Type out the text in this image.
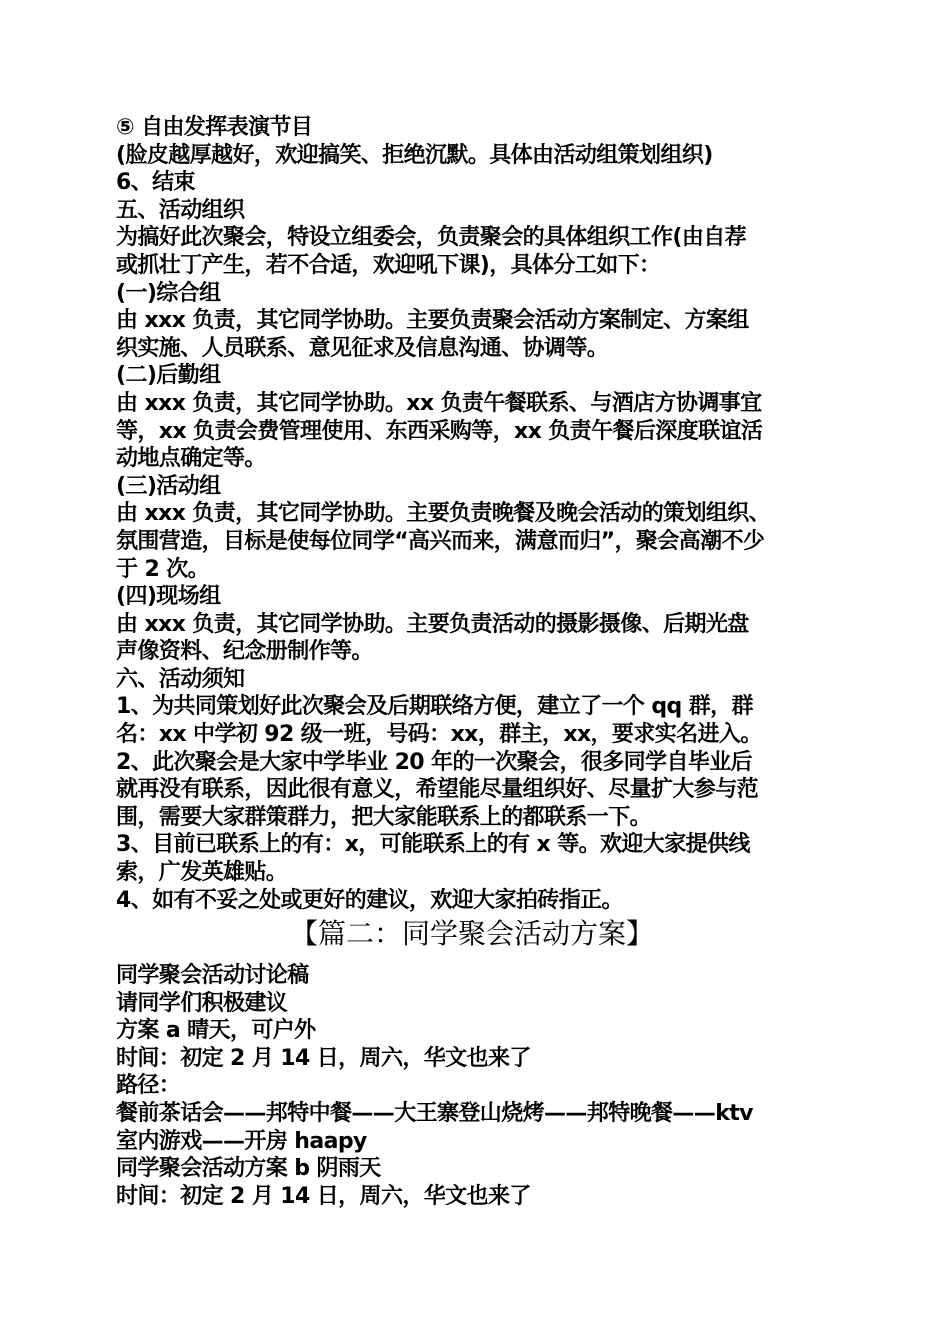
⑤ 自由发挥表演节目
(脸皮越厚越好，欢迎搞笑、拒绝沉默。具体由活动组策划组织)
6、结束
五、活动组织
为搞好此次聚会，特设立组委会，负责聚会的具体组织工作(由自荐
或抓壮丁产生，若不合适，欢迎吼下课)，具体分工如下：
(一)综合组
由 xxx 负责，其它同学协助。主要负责聚会活动方案制定、方案组
织实施、人员联系、意见征求及信息沟通、协调等。
(二)后勤组
由 xxx 负责，其它同学协助。xx 负责午餐联系、与酒店方协调事宜
等，xx 负责会费管理使用、东西采购等，xx 负责午餐后深度联谊活
动地点确定等。
(三)活动组
由 xxx 负责，其它同学协助。主要负责晚餐及晚会活动的策划组织、
氛围营造，目标是使每位同学“高兴而来，满意而归”，聚会高潮不少
于 2 次。
(四)现场组
由 xxx 负责，其它同学协助。主要负责活动的摄影摄像、后期光盘
声像资料、纪念册制作等。
六、活动须知
1、为共同策划好此次聚会及后期联络方便，建立了一个 qq 群，群
名：xx 中学初 92 级一班，号码：xx，群主，xx，要求实名进入。
2、此次聚会是大家中学毕业 20 年的一次聚会，很多同学自毕业后
就再没有联系，因此很有意义，希望能尽量组织好、尽量扩大参与范
围，需要大家群策群力，把大家能联系上的都联系一下。
3、目前已联系上的有：x，可能联系上的有 x 等。欢迎大家提供线
索，广发英雄贴。
4、如有不妥之处或更好的建议，欢迎大家拍砖指正。
【篇二：同学聚会活动方案】
同学聚会活动讨论稿
请同学们积极建议
方案 a 晴天，可户外
时间：初定 2 月 14 日，周六，华文也来了
路径：
餐前茶话会——邦特中餐——大王寨登山烧烤——邦特晚餐——ktv
室内游戏——开房 haapy
同学聚会活动方案 b 阴雨天
时间：初定 2 月 14 日，周六，华文也来了
